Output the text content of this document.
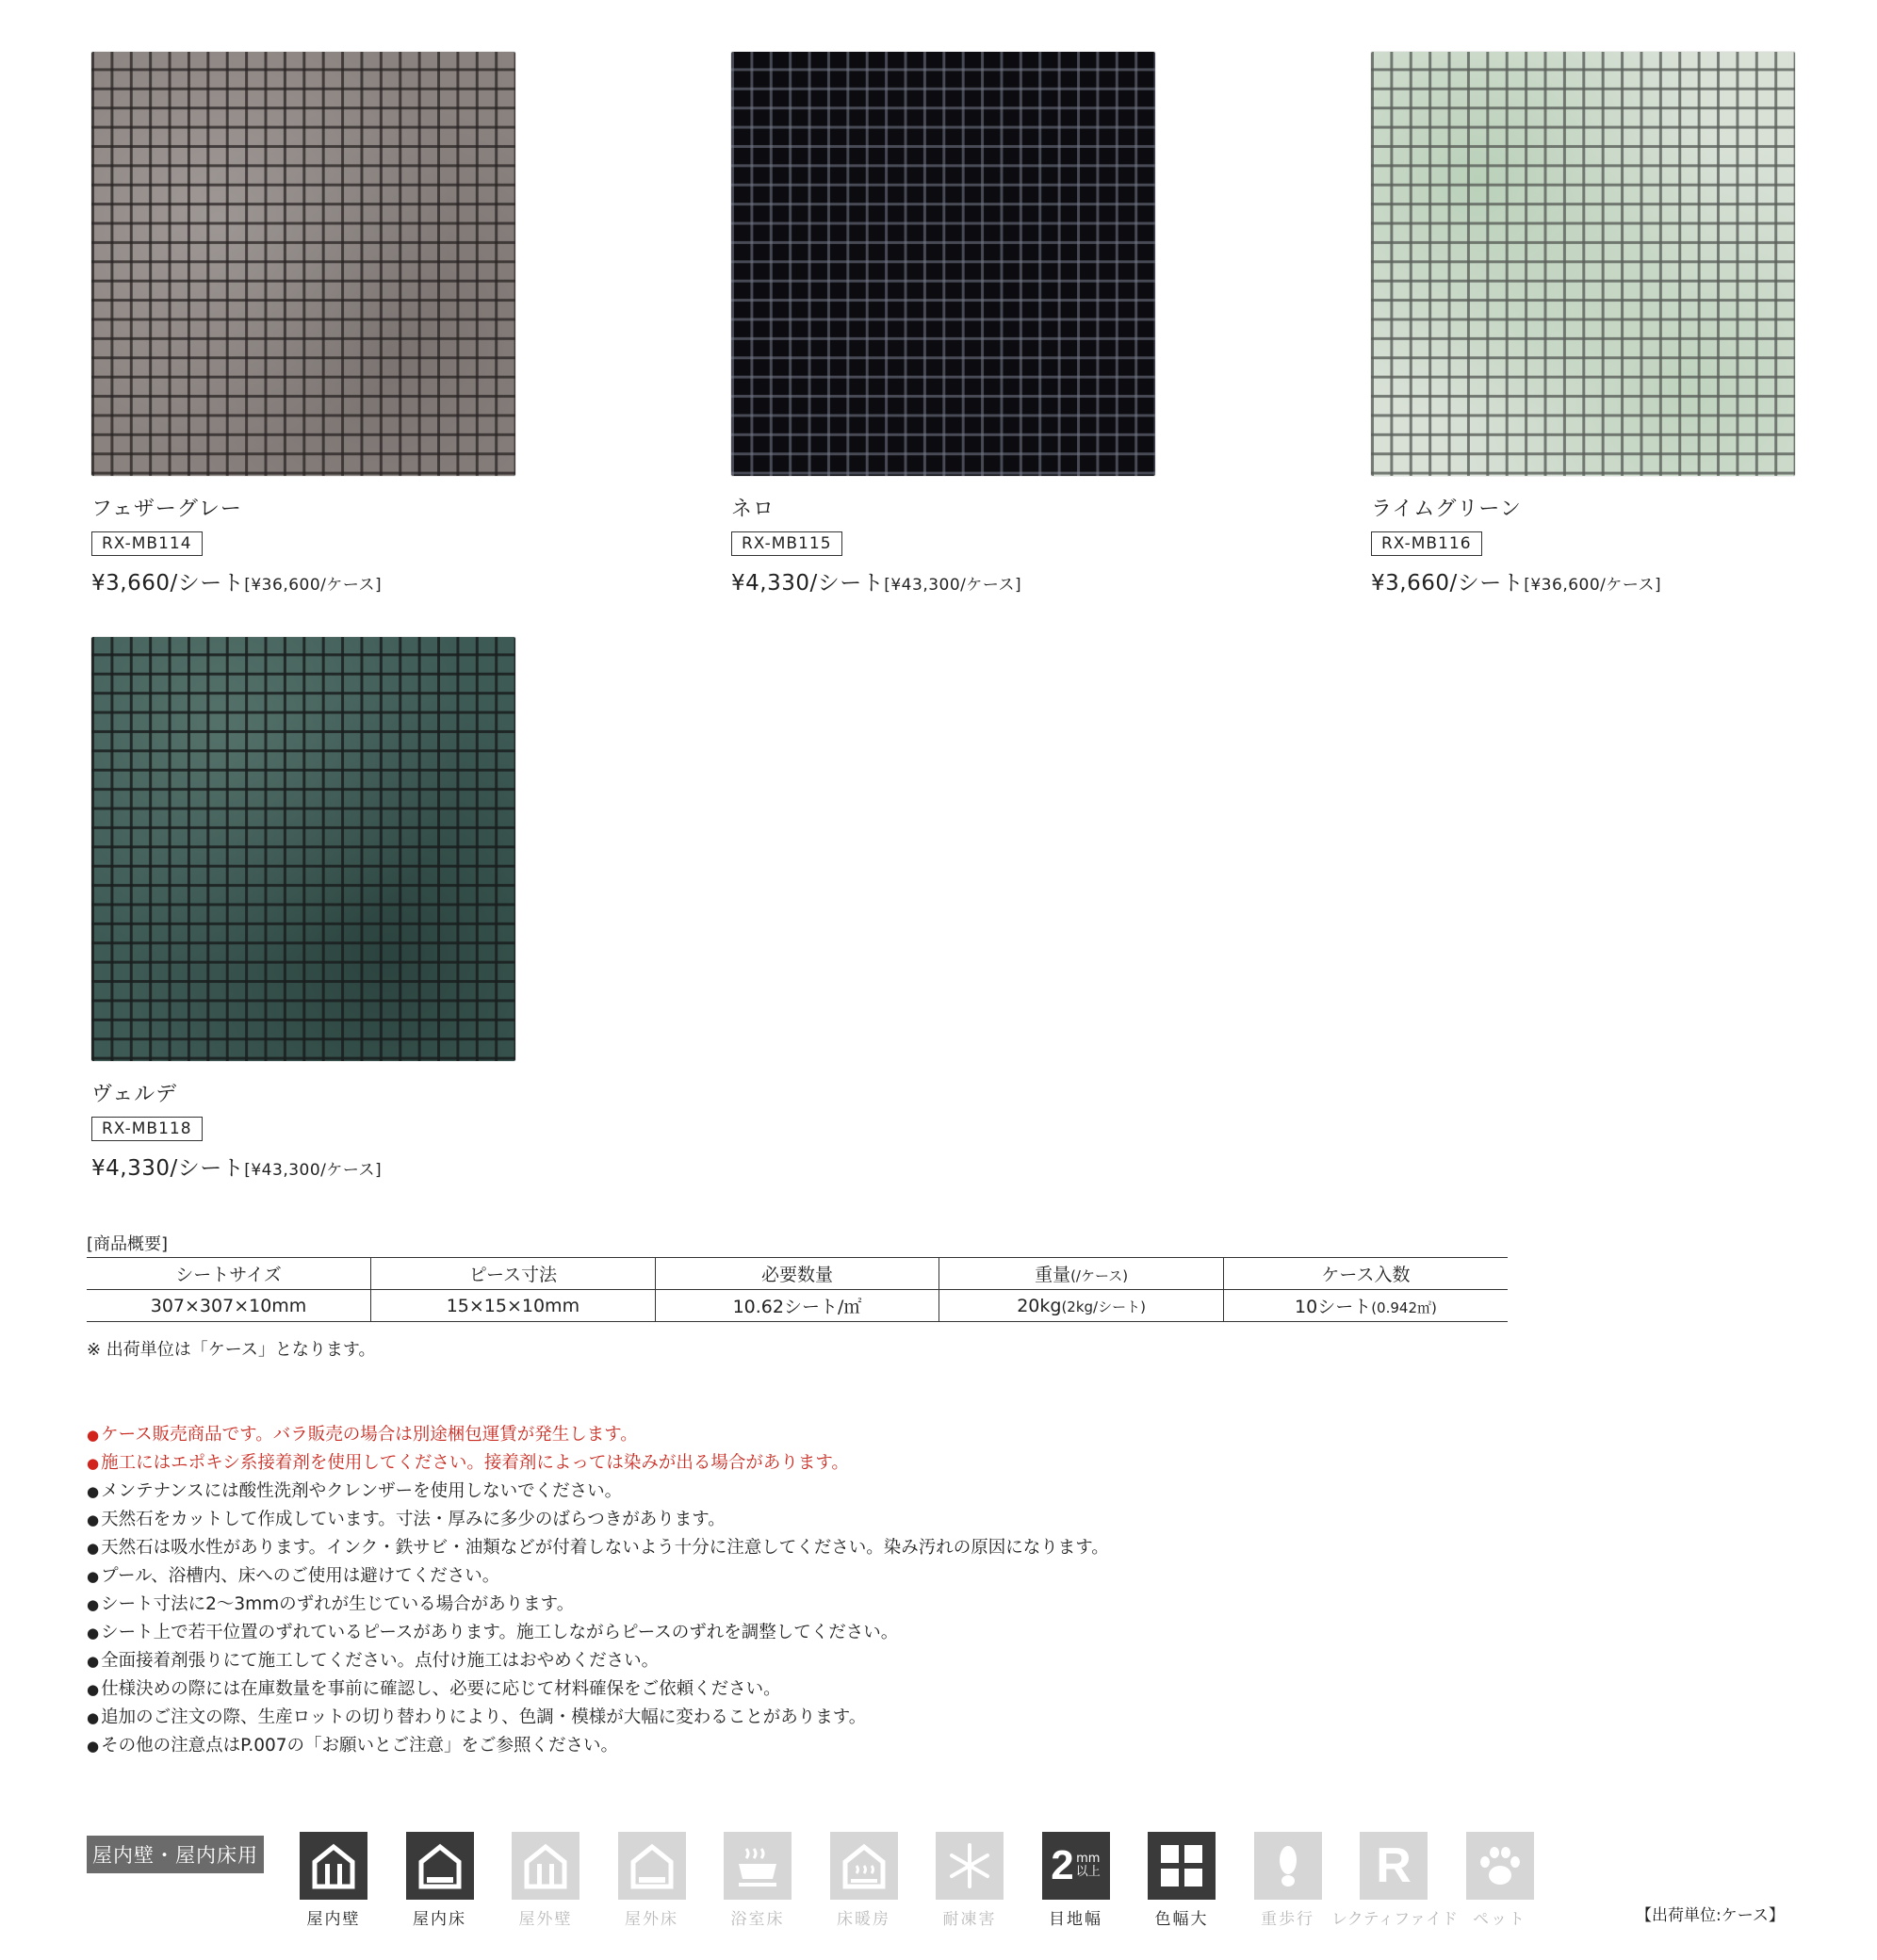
フェザーグレー
RX-MB114
¥3,660/シート[¥36,600/ケース]
ネロ
RX-MB115
¥4,330/シート[¥43,300/ケース]
ライムグリーン
RX-MB116
¥3,660/シート[¥36,600/ケース]
ヴェルデ
RX-MB118
¥4,330/シート[¥43,300/ケース]
[商品概要]
シートサイズ	ピース寸法	必要数量	重量(/ケース)	ケース入数
307×307×10mm	15×15×10mm	10.62シート/㎡	20kg(2kg/シート)	10シート(0.942㎡)
※ 出荷単位は「ケース」となります。
● ケース販売商品です。バラ販売の場合は別途梱包運賃が発生します。
● 施工にはエポキシ系接着剤を使用してください。接着剤によっては染みが出る場合があります。
● メンテナンスには酸性洗剤やクレンザーを使用しないでください。
● 天然石をカットして作成しています。寸法・厚みに多少のばらつきがあります。
● 天然石は吸水性があります。インク・鉄サビ・油類などが付着しないよう十分に注意してください。染み汚れの原因になります。
● プール、浴槽内、床へのご使用は避けてください。
● シート寸法に2〜3mmのずれが生じている場合があります。
● シート上で若干位置のずれているピースがあります。施工しながらピースのずれを調整してください。
● 全面接着剤張りにて施工してください。点付け施工はおやめください。
● 仕様決めの際には在庫数量を事前に確認し、必要に応じて材料確保をご依頼ください。
● 追加のご注文の際、生産ロットの切り替わりにより、色調・模様が大幅に変わることがあります。
● その他の注意点はP.007の「お願いとご注意」をご参照ください。
屋内壁・屋内床用
屋内壁	屋内床	屋外壁	屋外床	浴室床	床暖房	耐凍害
2 mm
以上
目地幅	色幅大	重歩行
R
レクティファイド ペット	【出荷単位:ケース】
